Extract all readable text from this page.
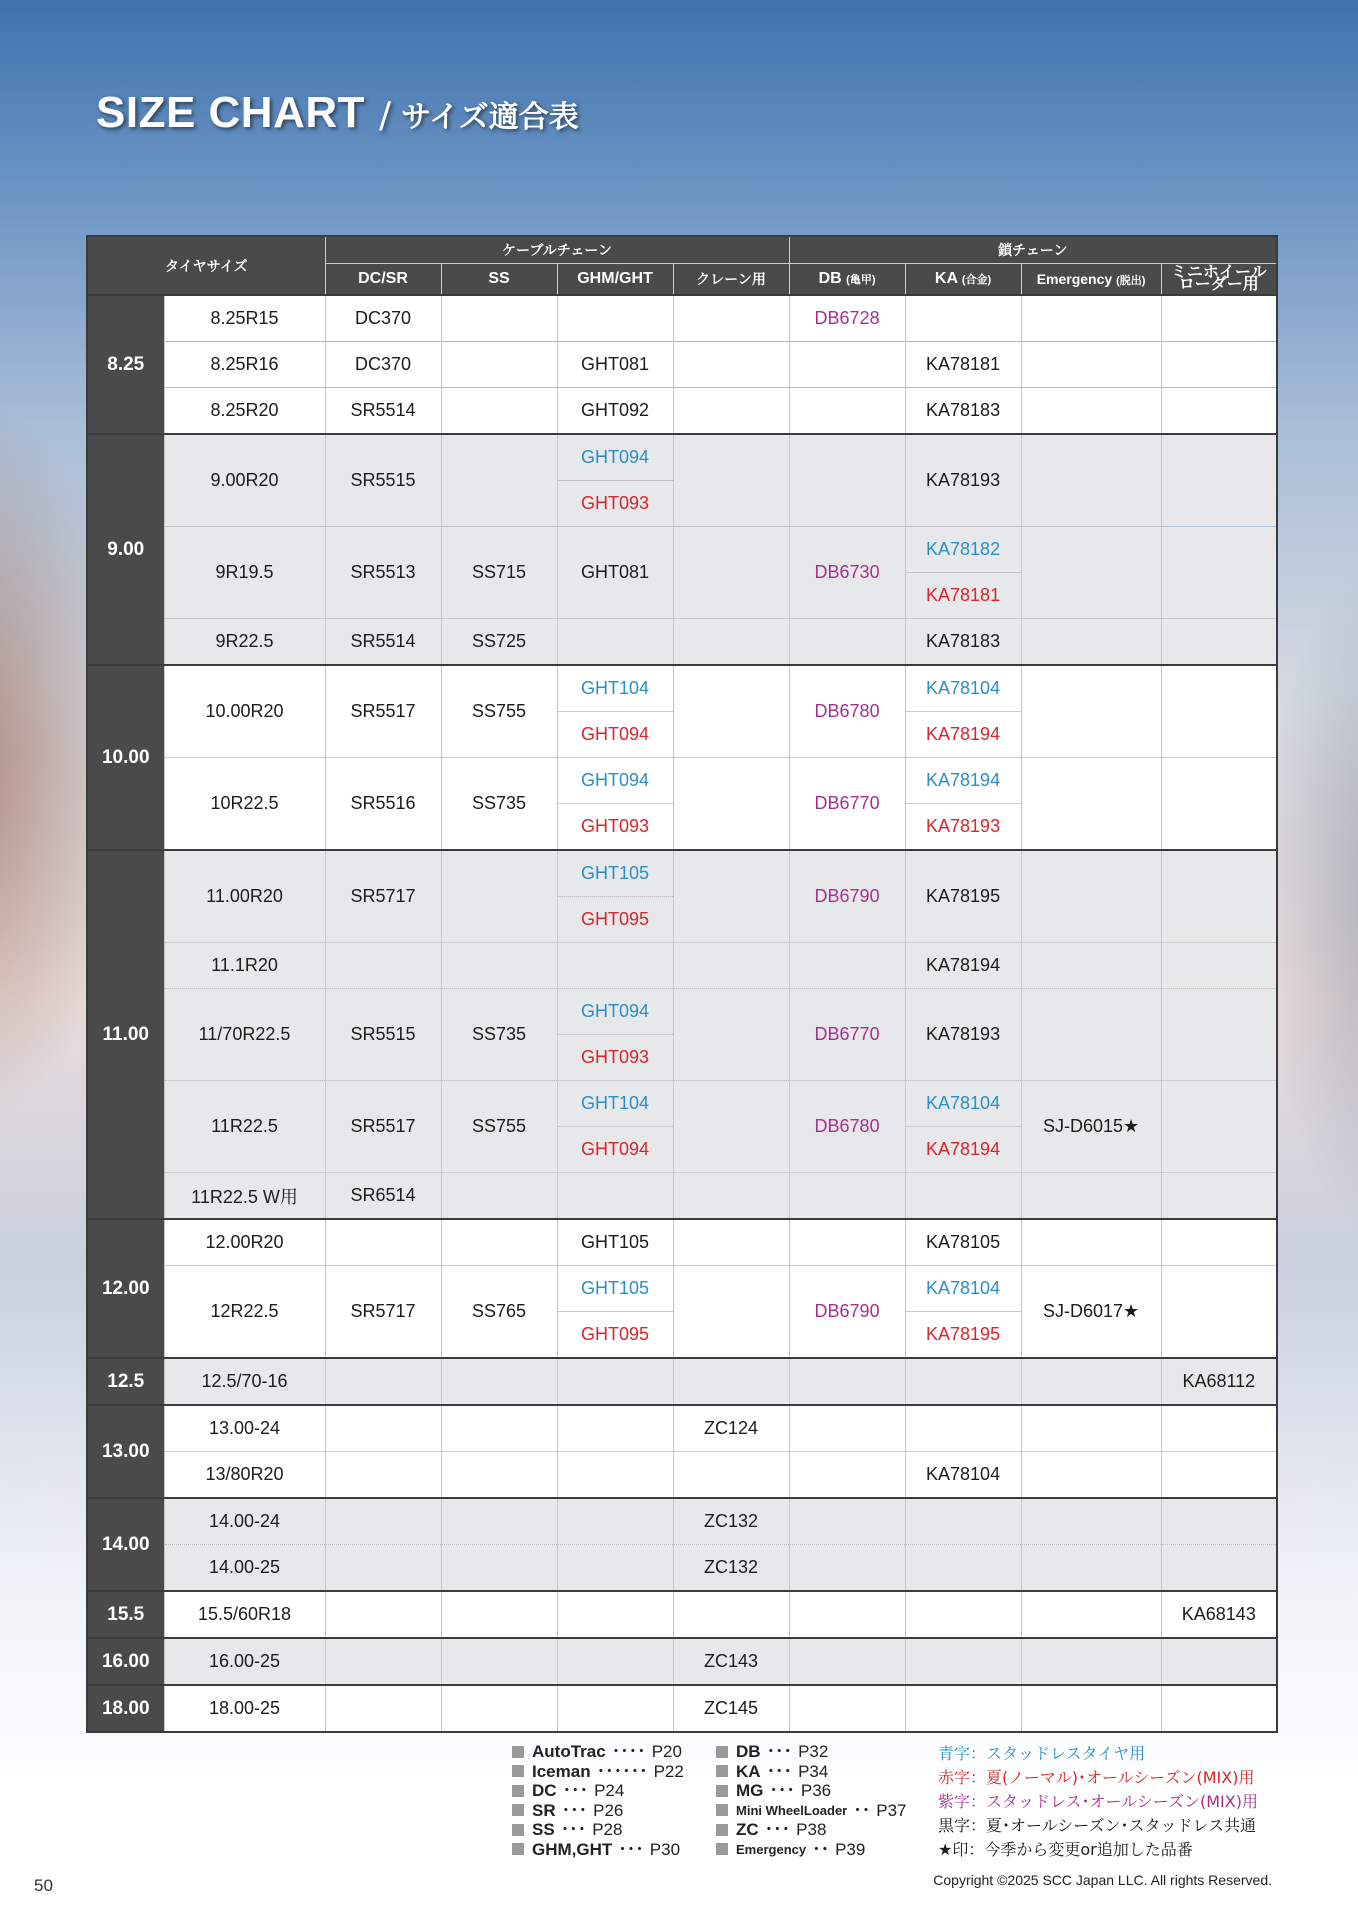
SIZE CHART / サイズ適合表
タイヤサイズ		ケーブルチェーン				鎖チェーン			
		DC/SR	SS	GHM/GHT	クレーン用	DB (亀甲)	KA (合金)	Emergency (脱出)	ミニホイール ローダー用
8.25	8.25R15	DC370				DB6728			
	8.25R16	DC370		GHT081			KA78181		
	8.25R20	SR5514		GHT092			KA78183		
9.00	9.00R20	SR5515		GHT094			KA78193		
				GHT093					
	9R19.5	SR5513	SS715	GHT081		DB6730	KA78182		
							KA78181		
	9R22.5	SR5514	SS725				KA78183		
10.00	10.00R20	SR5517	SS755	GHT104		DB6780	KA78104		
				GHT094			KA78194		
	10R22.5	SR5516	SS735	GHT094		DB6770	KA78194		
				GHT093			KA78193		
11.00	11.00R20	SR5717		GHT105		DB6790	KA78195		
				GHT095					
	11.1R20						KA78194		
	11/70R22.5	SR5515	SS735	GHT094		DB6770	KA78193		
				GHT093					
	11R22.5	SR5517	SS755	GHT104		DB6780	KA78104	SJ-D6015★	
				GHT094			KA78194		
	11R22.5 W用	SR6514							
12.00	12.00R20			GHT105			KA78105		
	12R22.5	SR5717	SS765	GHT105		DB6790	KA78104	SJ-D6017★	
				GHT095			KA78195		
12.5	12.5/70-16								KA68112
13.00	13.00-24				ZC124				
	13/80R20						KA78104		
14.00	14.00-24				ZC132				
	14.00-25				ZC132				
15.5	15.5/60R18								KA68143
16.00	16.00-25				ZC143				
18.00	18.00-25				ZC145				
AutoTrac ････ P20
Iceman ･･････ P22
DC ･･･ P24
SR ･･･ P26
SS ･･･ P28
GHM,GHT ･･･ P30
DB ･･･ P32
KA ･･･ P34
MG ･･･ P36
Mini WheelLoader ･･ P37
ZC ･･･ P38
Emergency ･･ P39
青字：スタッドレスタイヤ用
赤字：夏(ノーマル)･オールシーズン(MIX)用
紫字：スタッドレス･オールシーズン(MIX)用
黒字：夏･オールシーズン･スタッドレス共通
★印：今季から変更or追加した品番
50	Copyright ©2025 SCC Japan LLC. All rights Reserved.
